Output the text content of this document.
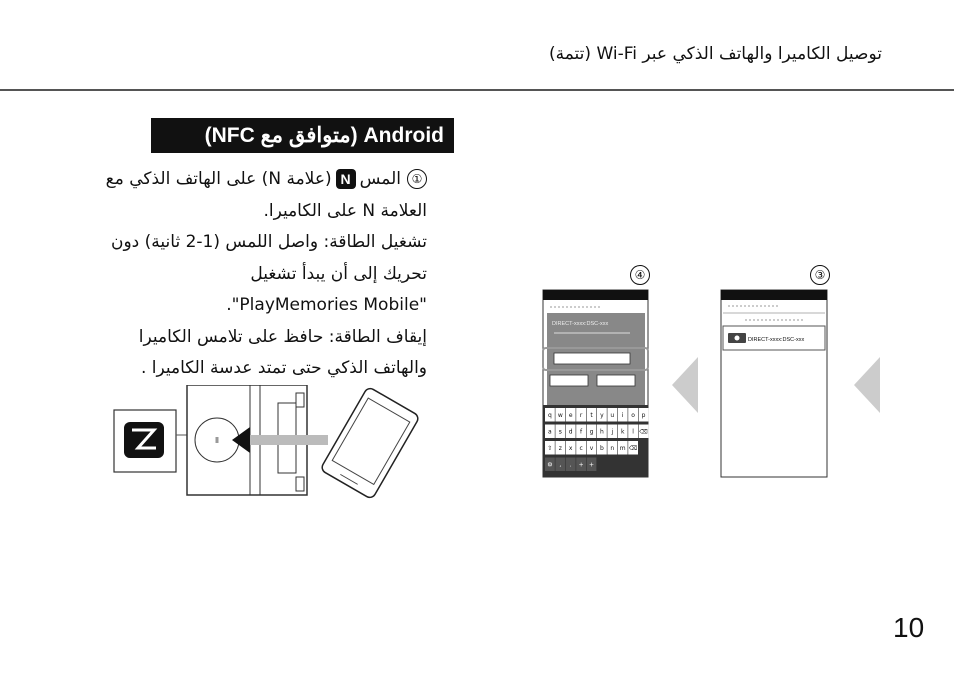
توصيل الكاميرا والهاتف الذكي عبر Wi-Fi (تتمة)
Android (متوافق مع NFC)
①المسN(علامة N) على الهاتف الذكي مع
العلامة N على الكاميرا.
تشغيل الطاقة: واصل اللمس (1-2 ثانية) دون
تحريك إلى أن يبدأ تشغيل
"PlayMemories Mobile".
إيقاف الطاقة: حافظ على تلامس الكاميرا
والهاتف الذكي حتى تمتد عدسة الكاميرا .
④	③
q w e r t y u i o p
a s d f g h j k l ⌫
⇧ z x c v b n m ⌫
⚙ , . + +
DIRECT-xxxx:DSC-xxx
DIRECT-xxxx:DSC-xxx
10
